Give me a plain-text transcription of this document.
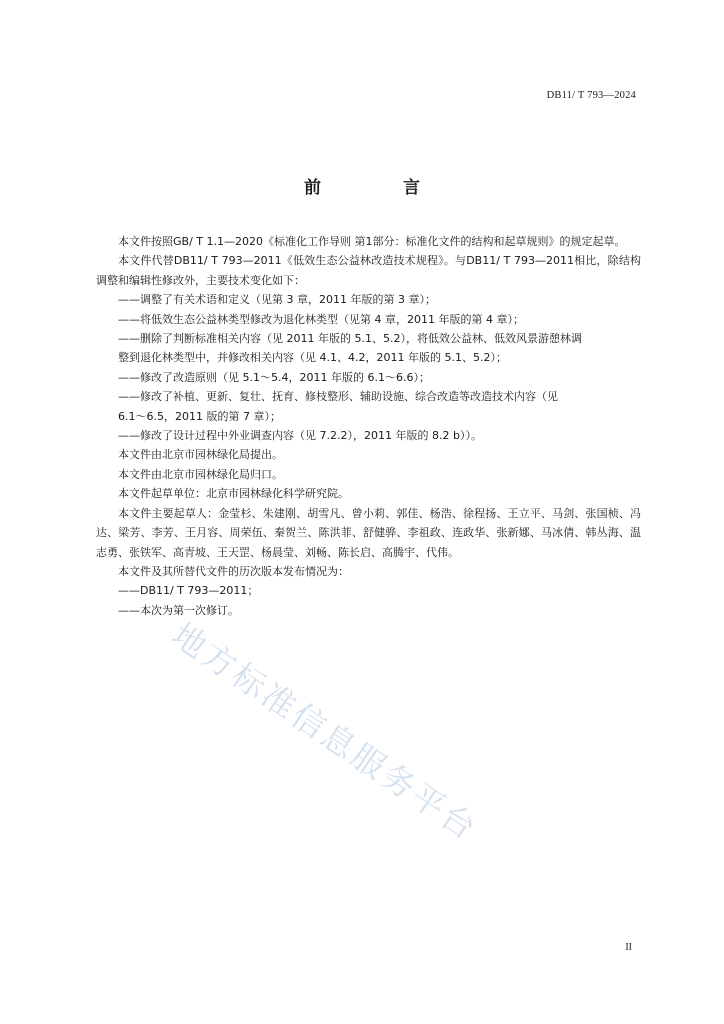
DB11/ T 793—2024
前 言

本文件按照GB/ T 1.1—2020《标准化工作导则 第1部分：标准化文件的结构和起草规则》的规定起草。

本文件代替DB11/ T 793—2011《低效生态公益林改造技术规程》。与DB11/ T 793—2011相比，除结构调整和编辑性修改外，主要技术变化如下：

——调整了有关术语和定义（见第 3 章，2011 年版的第 3 章）；

——将低效生态公益林类型修改为退化林类型（见第 4 章，2011 年版的第 4 章）；

——删除了判断标准相关内容（见 2011 年版的 5.1、5.2），将低效公益林、低效风景游憩林调

整到退化林类型中，并修改相关内容（见 4.1、4.2，2011 年版的 5.1、5.2）；

——修改了改造原则（见 5.1～5.4，2011 年版的 6.1～6.6）；

——修改了补植、更新、复壮、抚育、修枝整形、辅助设施、综合改造等改造技术内容（见

6.1～6.5，2011 版的第 7 章）；

——修改了设计过程中外业调查内容（见 7.2.2），2011 年版的 8.2 b））。

本文件由北京市园林绿化局提出。

本文件由北京市园林绿化局归口。

本文件起草单位：北京市园林绿化科学研究院。

本文件主要起草人：金莹杉、朱建刚、胡雪凡、曾小莉、郭佳、杨浩、徐程扬、王立平、马剑、张国桢、冯达、梁芳、李芳、王月容、周荣伍、秦贺兰、陈洪菲、舒健骅、李祖政、连政华、张新娜、马冰倩、韩丛海、温志勇、张铁军、高青坡、王天罡、杨晨莹、刘畅、陈长启、高腾宇、代伟。

本文件及其所替代文件的历次版本发布情况为：

——DB11/ T 793—2011；

——本次为第一次修订。

地方标准信息服务平台
II
